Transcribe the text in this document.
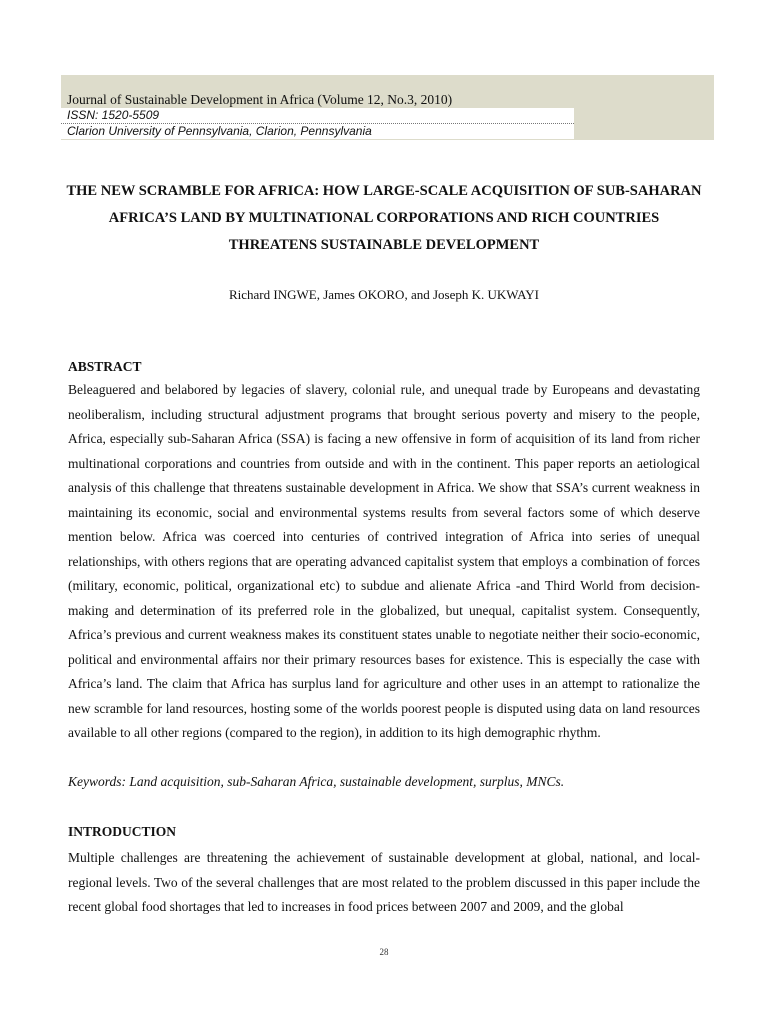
Journal of Sustainable Development in Africa (Volume 12, No.3, 2010)
ISSN: 1520-5509
Clarion University of Pennsylvania, Clarion, Pennsylvania
THE NEW SCRAMBLE FOR AFRICA: HOW LARGE-SCALE ACQUISITION OF SUB-SAHARAN AFRICA’S LAND BY MULTINATIONAL CORPORATIONS AND RICH COUNTRIES THREATENS SUSTAINABLE DEVELOPMENT
Richard INGWE, James OKORO, and Joseph K. UKWAYI
ABSTRACT

Beleaguered and belabored by legacies of slavery, colonial rule, and unequal trade by Europeans and devastating neoliberalism, including structural adjustment programs that brought serious poverty and misery to the people, Africa, especially sub-Saharan Africa (SSA) is facing a new offensive in form of acquisition of its land from richer multinational corporations and countries from outside and with in the continent. This paper reports an aetiological analysis of this challenge that threatens sustainable development in Africa. We show that SSA’s current weakness in maintaining its economic, social and environmental systems results from several factors some of which deserve mention below. Africa was coerced into centuries of contrived integration of Africa into series of unequal relationships, with others regions that are operating advanced capitalist system that employs a combination of forces (military, economic, political, organizational etc) to subdue and alienate Africa -and Third World from decision-making and determination of its preferred role in the globalized, but unequal, capitalist system. Consequently, Africa’s previous and current weakness makes its constituent states unable to negotiate neither their socio-economic, political and environmental affairs nor their primary resources bases for existence. This is especially the case with Africa’s land. The claim that Africa has surplus land for agriculture and other uses in an attempt to rationalize the new scramble for land resources, hosting some of the worlds poorest people is disputed using data on land resources available to all other regions (compared to the region), in addition to its high demographic rhythm.

Keywords: Land acquisition, sub-Saharan Africa, sustainable development, surplus, MNCs.
INTRODUCTION

Multiple challenges are threatening the achievement of sustainable development at global, national, and local-regional levels. Two of the several challenges that are most related to the problem discussed in this paper include the recent global food shortages that led to increases in food prices between 2007 and 2009, and the global

28
